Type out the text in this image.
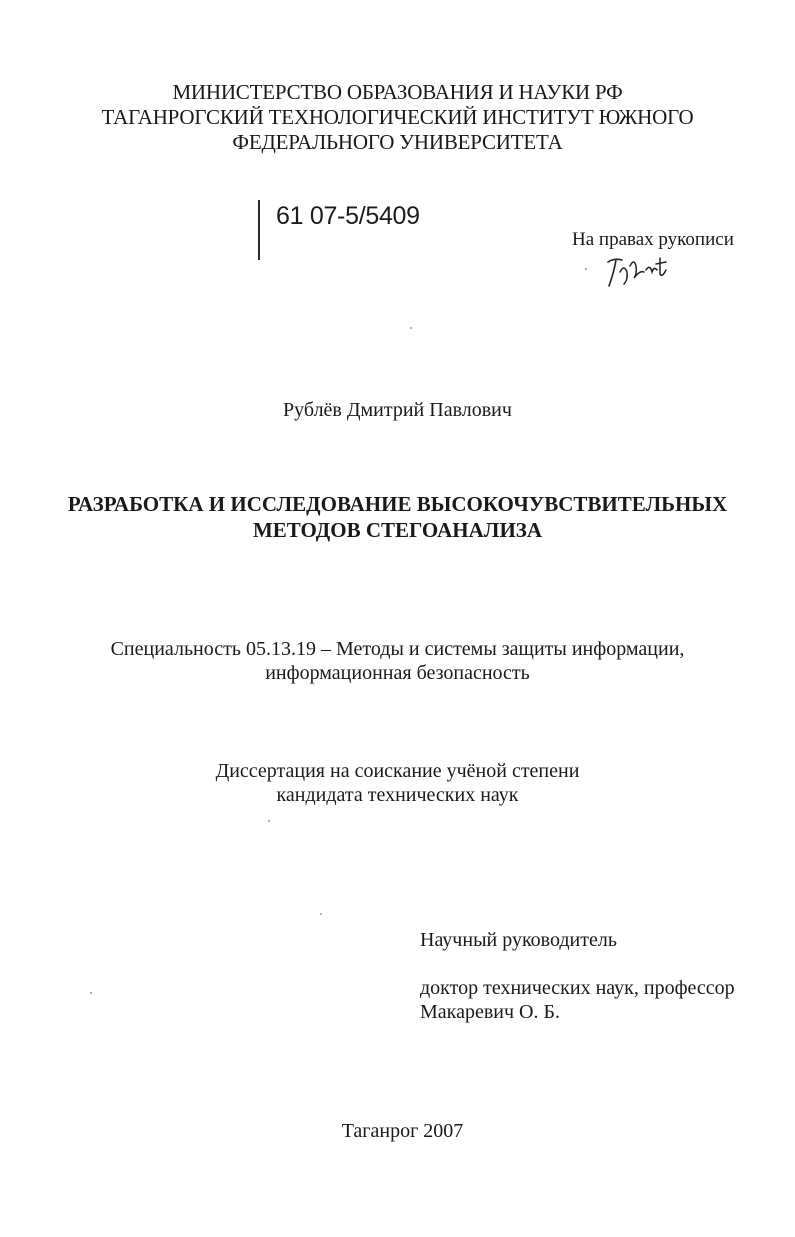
МИНИСТЕРСТВО ОБРАЗОВАНИЯ И НАУКИ РФ
ТАГАНРОГСКИЙ ТЕХНОЛОГИЧЕСКИЙ ИНСТИТУТ ЮЖНОГО
ФЕДЕРАЛЬНОГО УНИВЕРСИТЕТА
61 07-5/5409
На правах рукописи
Рублёв Дмитрий Павлович
РАЗРАБОТКА И ИССЛЕДОВАНИЕ ВЫСОКОЧУВСТВИТЕЛЬНЫХ
МЕТОДОВ СТЕГОАНАЛИЗА
Специальность 05.13.19 – Методы и системы защиты информации,
информационная безопасность
Диссертация на соискание учёной степени
кандидата технических наук
Научный руководитель
доктор технических наук, профессор
Макаревич О. Б.
Таганрог 2007
